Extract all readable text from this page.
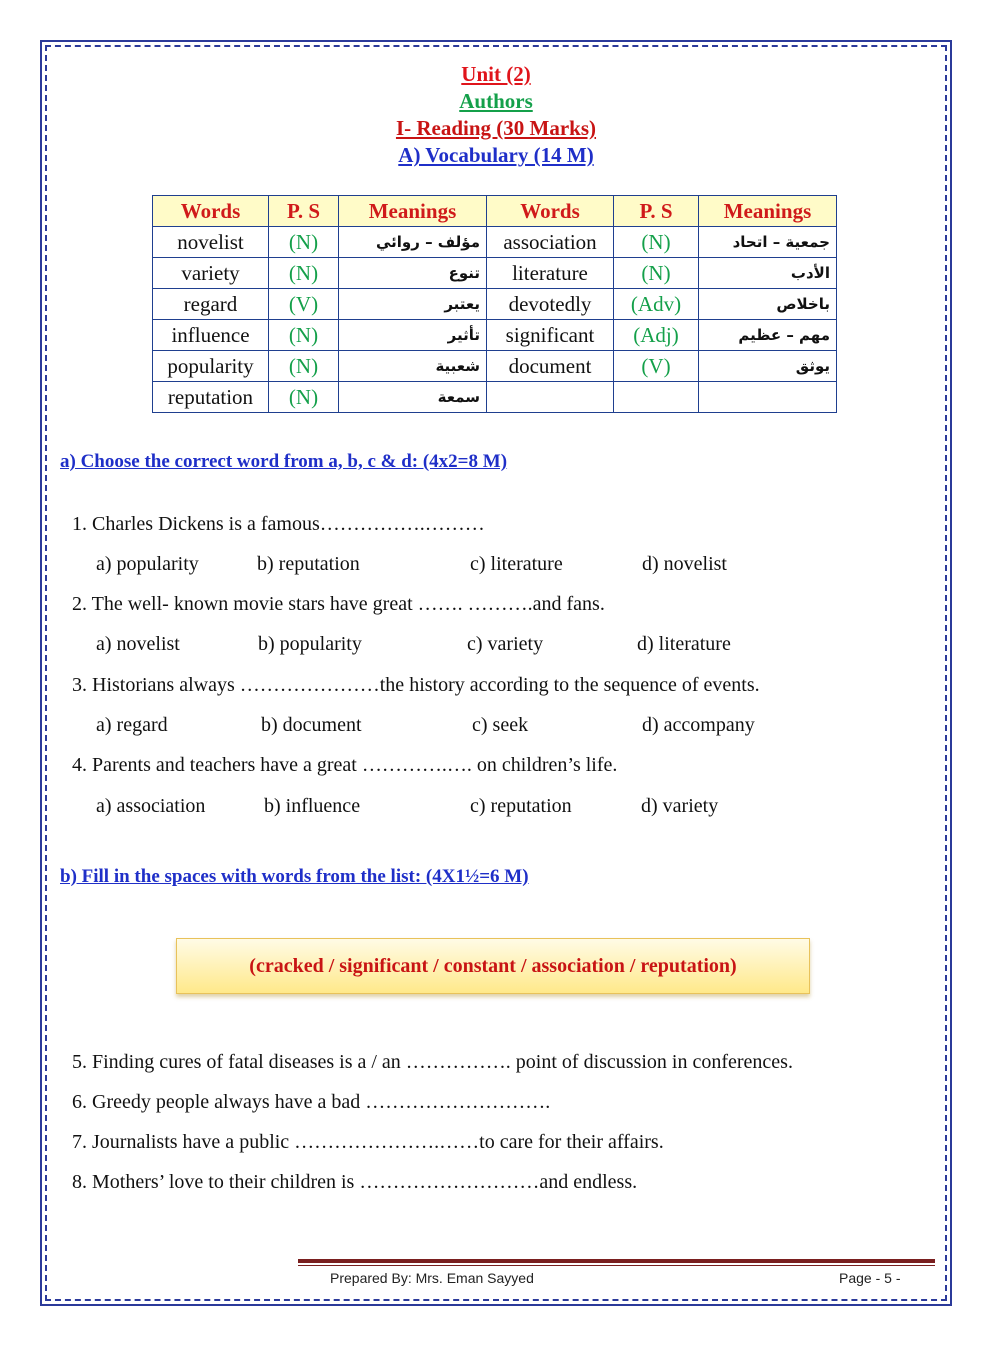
Unit (2)
Authors
I- Reading (30 Marks)
A) Vocabulary (14 M)
Words	P. S	Meanings	Words	P. S	Meanings
novelist	(N)	مؤلف – روائي	association	(N)	جمعية – اتحاد
variety	(N)	تنوع	literature	(N)	الأدب
regard	(V)	يعتبر	devotedly	(Adv)	باخلاص
influence	(N)	تأثير	significant	(Adj)	مهم – عظيم
popularity	(N)	شعبية	document	(V)	يوثق
reputation	(N)	سمعة			
a) Choose the correct word from a, b, c & d: (4x2=8 M)
1. Charles Dickens is a famous…………….………
a) popularity	b) reputation	c) literature	d) novelist
2. The well- known movie stars have great ……. ……….and fans.
a) novelist	b) popularity	c) variety	d) literature
3. Historians always …………………the history according to the sequence of events.
a) regard	b) document	c) seek	d) accompany
4. Parents and teachers have a great ………….…. on children’s life.
a) association	b) influence	c) reputation	d) variety
b) Fill in the spaces with words from the list: (4X1½=6 M)
(cracked / significant / constant / association / reputation)
5. Finding cures of fatal diseases is a / an ……………. point of discussion in conferences.
6. Greedy people always have a bad ……………………….
7. Journalists have a public ………………….……to care for their affairs.
8. Mothers’ love to their children is ………………………and endless.
Prepared By: Mrs. Eman Sayyed	Page - 5 -
